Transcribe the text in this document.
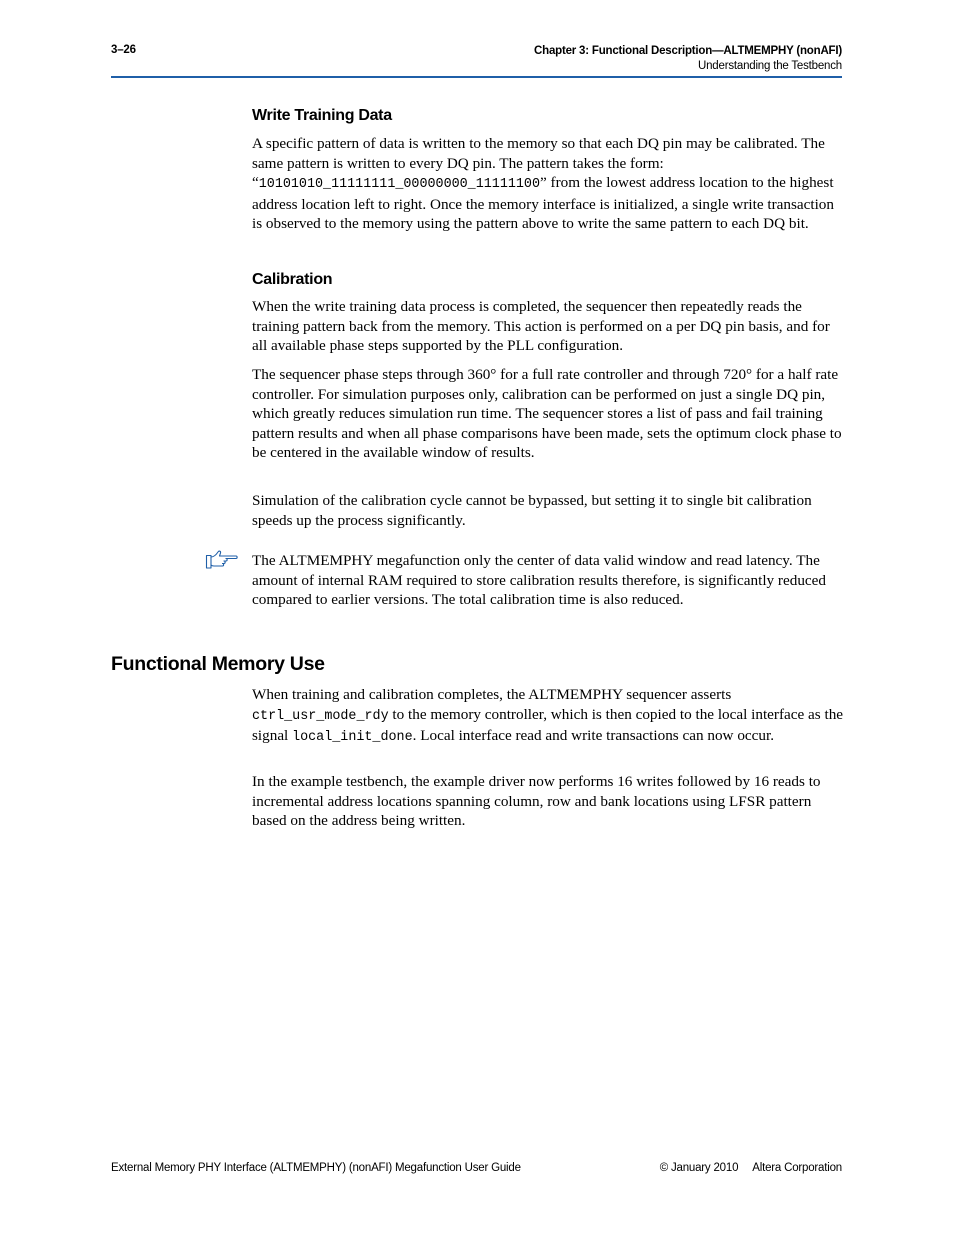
3–26	Chapter 3: Functional Description—ALTMEMPHY (nonAFI)
Understanding the Testbench
Write Training Data

A specific pattern of data is written to the memory so that each DQ pin may be calibrated. The same pattern is written to every DQ pin. The pattern takes the form: “10101010_11111111_00000000_11111100” from the lowest address location to the highest address location left to right. Once the memory interface is initialized, a single write transaction is observed to the memory using the pattern above to write the same pattern to each DQ bit.

Calibration

When the write training data process is completed, the sequencer then repeatedly reads the training pattern back from the memory. This action is performed on a per DQ pin basis, and for all available phase steps supported by the PLL configuration.

The sequencer phase steps through 360° for a full rate controller and through 720° for a half rate controller. For simulation purposes only, calibration can be performed on just a single DQ pin, which greatly reduces simulation run time. The sequencer stores a list of pass and fail training pattern results and when all phase comparisons have been made, sets the optimum clock phase to be centered in the available window of results.

Simulation of the calibration cycle cannot be bypassed, but setting it to single bit calibration speeds up the process significantly.

The ALTMEMPHY megafunction only the center of data valid window and read latency. The amount of internal RAM required to store calibration results therefore, is significantly reduced compared to earlier versions. The total calibration time is also reduced.

Functional Memory Use

When training and calibration completes, the ALTMEMPHY sequencer asserts ctrl_usr_mode_rdy to the memory controller, which is then copied to the local interface as the signal local_init_done. Local interface read and write transactions can now occur.

In the example testbench, the example driver now performs 16 writes followed by 16 reads to incremental address locations spanning column, row and bank locations using LFSR pattern based on the address being written.

External Memory PHY Interface (ALTMEMPHY) (nonAFI) Megafunction User Guide	© January 2010 Altera Corporation
